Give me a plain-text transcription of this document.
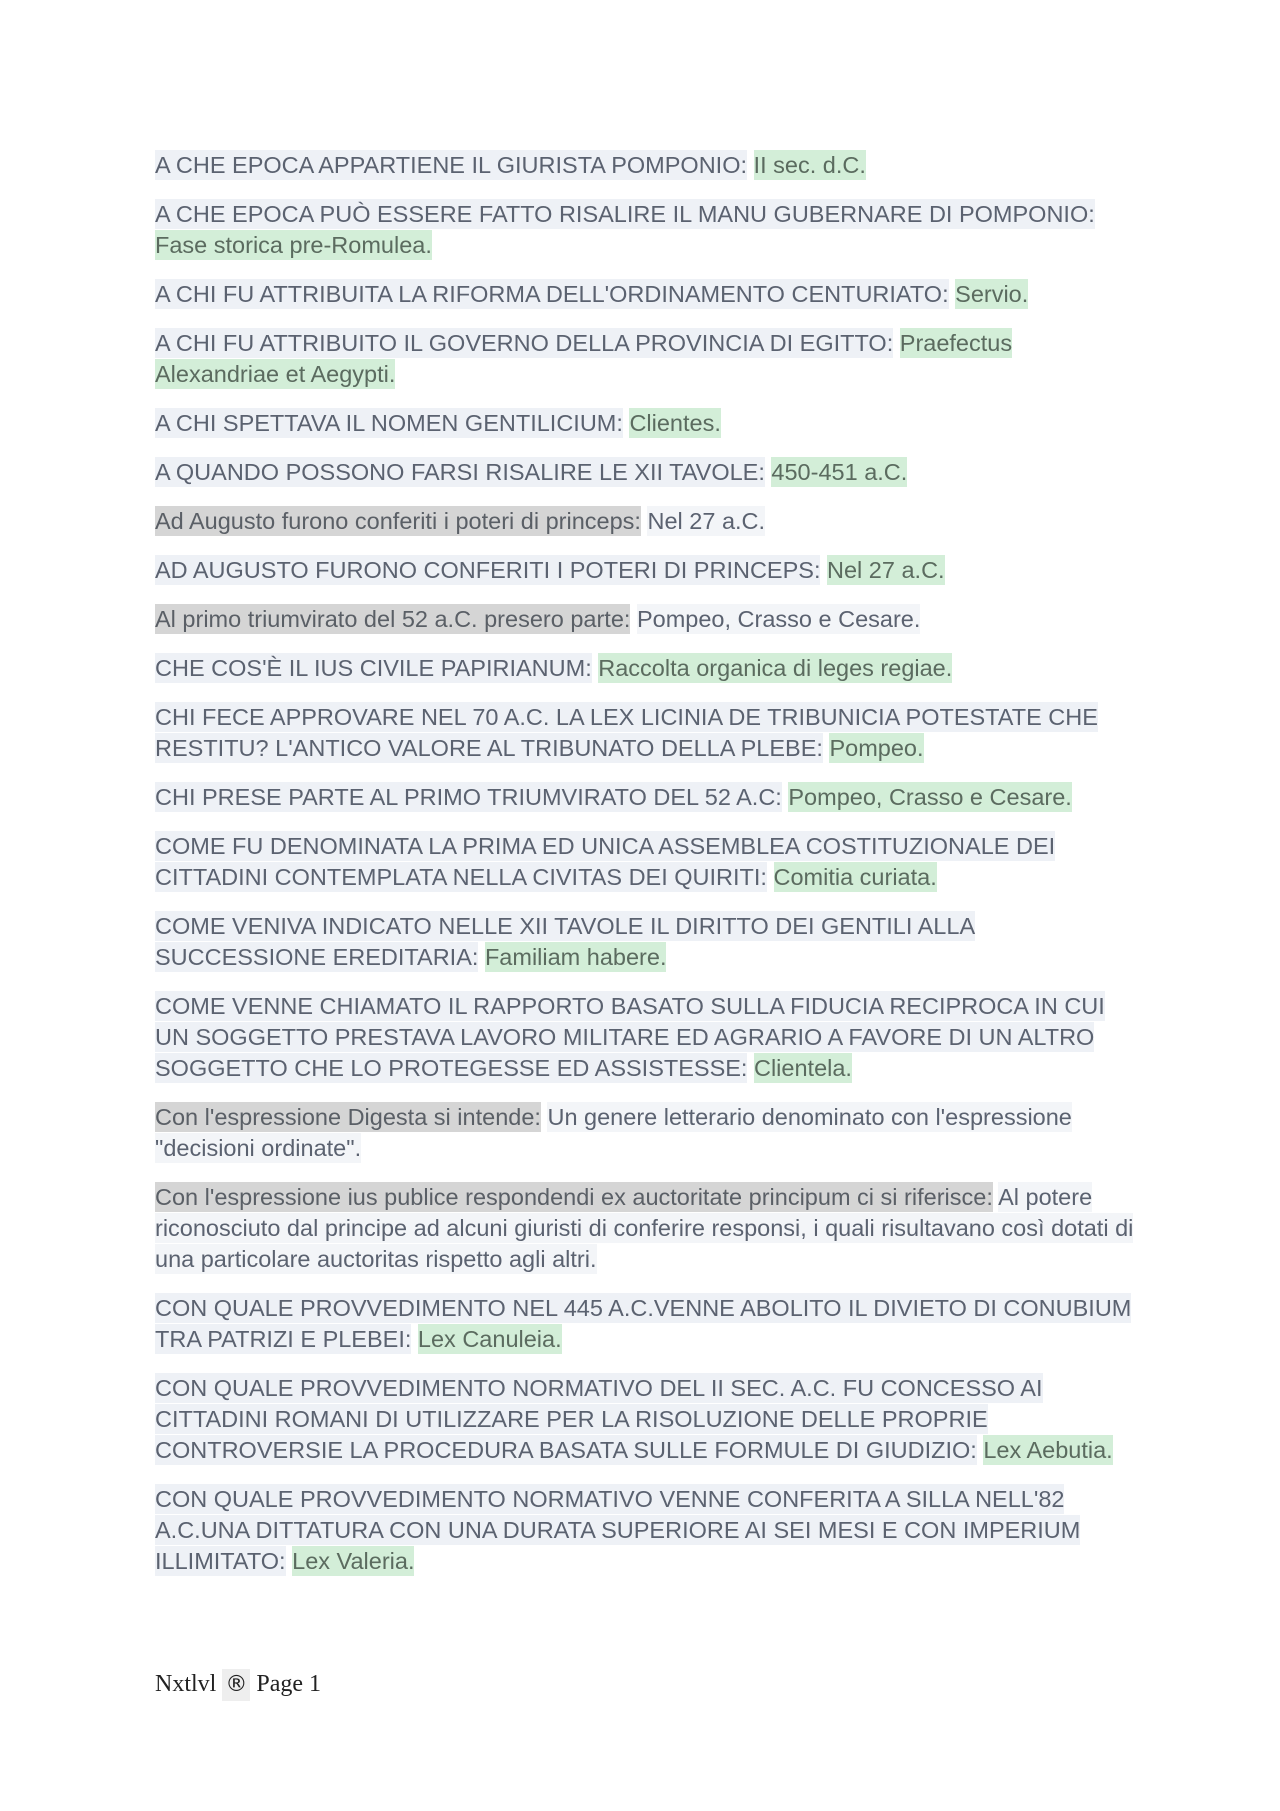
A CHE EPOCA APPARTIENE IL GIURISTA POMPONIO: II sec. d.C.

A CHE EPOCA PUÒ ESSERE FATTO RISALIRE IL MANU GUBERNARE DI POMPONIO: Fase storica pre-Romulea.

A CHI FU ATTRIBUITA LA RIFORMA DELL'ORDINAMENTO CENTURIATO: Servio.

A CHI FU ATTRIBUITO IL GOVERNO DELLA PROVINCIA DI EGITTO: Praefectus Alexandriae et Aegypti.

A CHI SPETTAVA IL NOMEN GENTILICIUM: Clientes.

A QUANDO POSSONO FARSI RISALIRE LE XII TAVOLE: 450-451 a.C.

Ad Augusto furono conferiti i poteri di princeps: Nel 27 a.C.

AD AUGUSTO FURONO CONFERITI I POTERI DI PRINCEPS: Nel 27 a.C.

Al primo triumvirato del 52 a.C. presero parte: Pompeo, Crasso e Cesare.

CHE COS'È IL IUS CIVILE PAPIRIANUM: Raccolta organica di leges regiae.

CHI FECE APPROVARE NEL 70 A.C. LA LEX LICINIA DE TRIBUNICIA POTESTATE CHE RESTITU? L'ANTICO VALORE AL TRIBUNATO DELLA PLEBE: Pompeo.

CHI PRESE PARTE AL PRIMO TRIUMVIRATO DEL 52 A.C: Pompeo, Crasso e Cesare.

COME FU DENOMINATA LA PRIMA ED UNICA ASSEMBLEA COSTITUZIONALE DEI CITTADINI CONTEMPLATA NELLA CIVITAS DEI QUIRITI: Comitia curiata.

COME VENIVA INDICATO NELLE XII TAVOLE IL DIRITTO DEI GENTILI ALLA SUCCESSIONE EREDITARIA: Familiam habere.

COME VENNE CHIAMATO IL RAPPORTO BASATO SULLA FIDUCIA RECIPROCA IN CUI UN SOGGETTO PRESTAVA LAVORO MILITARE ED AGRARIO A FAVORE DI UN ALTRO SOGGETTO CHE LO PROTEGESSE ED ASSISTESSE: Clientela.

Con l'espressione Digesta si intende: Un genere letterario denominato con l'espressione "decisioni ordinate".

Con l'espressione ius publice respondendi ex auctoritate principum ci si riferisce: Al potere riconosciuto dal principe ad alcuni giuristi di conferire responsi, i quali risultavano così dotati di una particolare auctoritas rispetto agli altri.

CON QUALE PROVVEDIMENTO NEL 445 A.C.VENNE ABOLITO IL DIVIETO DI CONUBIUM TRA PATRIZI E PLEBEI: Lex Canuleia.

CON QUALE PROVVEDIMENTO NORMATIVO DEL II SEC. A.C. FU CONCESSO AI CITTADINI ROMANI DI UTILIZZARE PER LA RISOLUZIONE DELLE PROPRIE CONTROVERSIE LA PROCEDURA BASATA SULLE FORMULE DI GIUDIZIO: Lex Aebutia.

CON QUALE PROVVEDIMENTO NORMATIVO VENNE CONFERITA A SILLA NELL'82 A.C.UNA DITTATURA CON UNA DURATA SUPERIORE AI SEI MESI E CON IMPERIUM ILLIMITATO: Lex Valeria.

Nxtlvl ® Page 1
